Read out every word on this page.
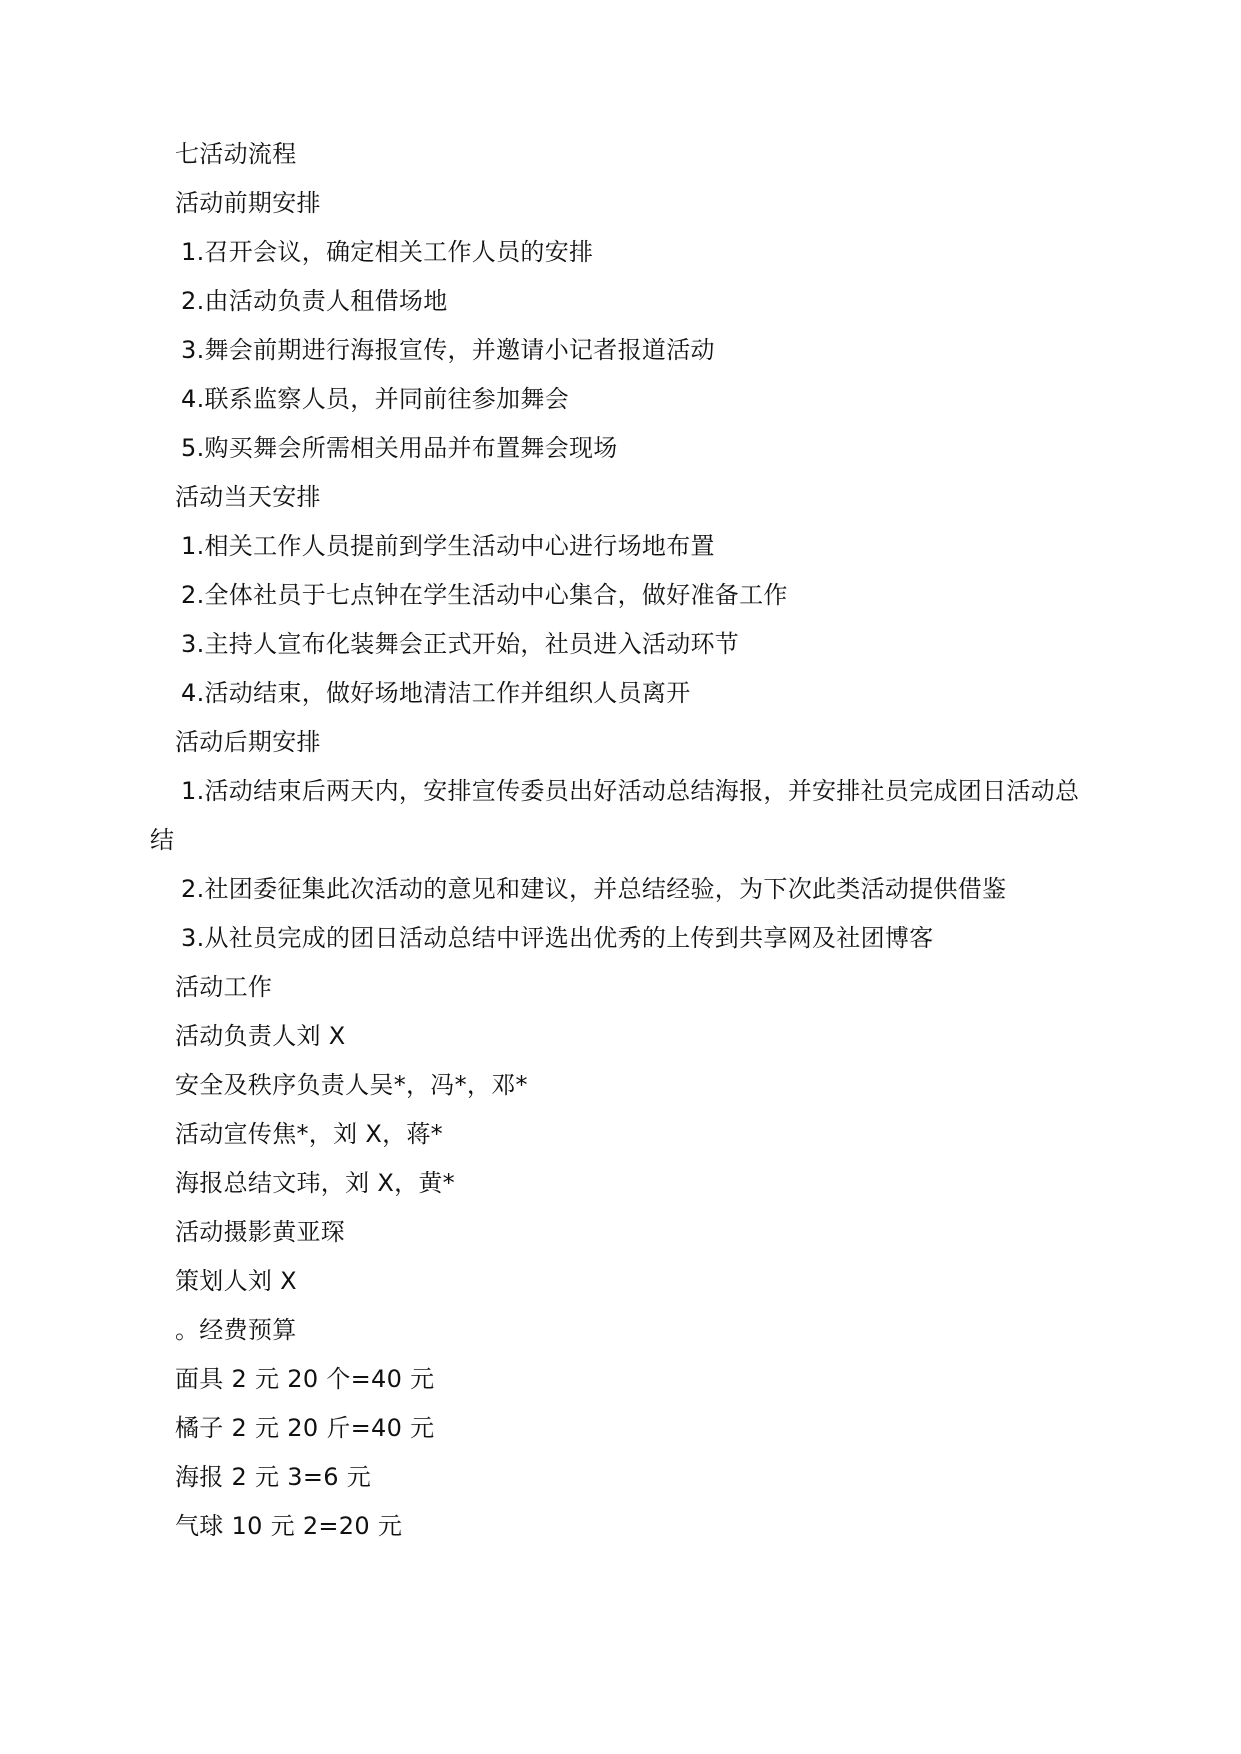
七活动流程
活动前期安排
1.召开会议，确定相关工作人员的安排
2.由活动负责人租借场地
3.舞会前期进行海报宣传，并邀请小记者报道活动
4.联系监察人员，并同前往参加舞会
5.购买舞会所需相关用品并布置舞会现场
活动当天安排
1.相关工作人员提前到学生活动中心进行场地布置
2.全体社员于七点钟在学生活动中心集合，做好准备工作
3.主持人宣布化装舞会正式开始，社员进入活动环节
4.活动结束，做好场地清洁工作并组织人员离开
活动后期安排
1.活动结束后两天内，安排宣传委员出好活动总结海报，并安排社员完成团日活动总
结
2.社团委征集此次活动的意见和建议，并总结经验，为下次此类活动提供借鉴
3.从社员完成的团日活动总结中评选出优秀的上传到共享网及社团博客
活动工作
活动负责人刘 X
安全及秩序负责人吴*，冯*，邓*
活动宣传焦*，刘 X，蒋*
海报总结文玮，刘 X，黄*
活动摄影黄亚琛
策划人刘 X
。经费预算
面具 2 元 20 个=40 元
橘子 2 元 20 斤=40 元
海报 2 元 3=6 元
气球 10 元 2=20 元
